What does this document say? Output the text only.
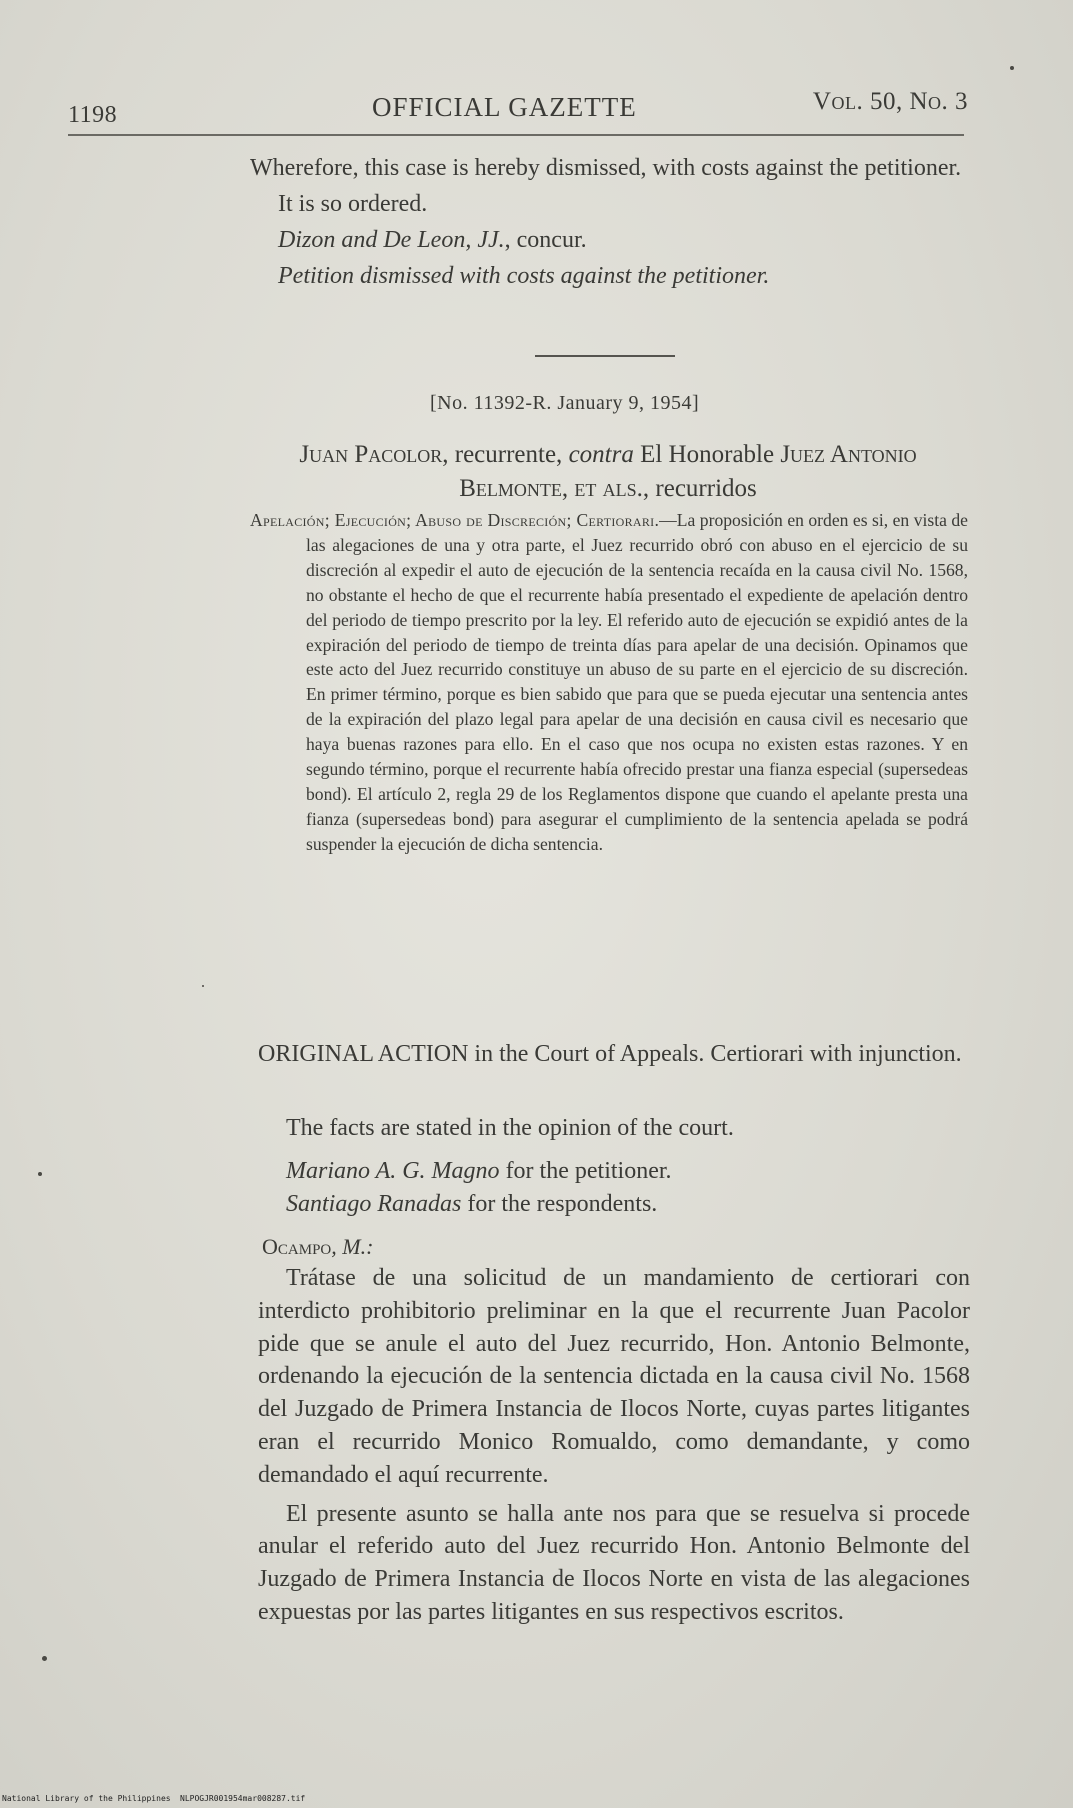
1198	OFFICIAL GAZETTE	Vol. 50, No. 3
Wherefore, this case is hereby dismissed, with costs against the petitioner.
It is so ordered.
Dizon and De Leon, JJ., concur.
Petition dismissed with costs against the petitioner.
[No. 11392-R. January 9, 1954]
Juan Pacolor, recurrente, contra El Honorable Juez Antonio Belmonte, et als., recurridos
Apelación; Ejecución; Abuso de Discreción; Certiorari.—La proposición en orden es si, en vista de las alegaciones de una y otra parte, el Juez recurrido obró con abuso en el ejercicio de su discreción al expedir el auto de ejecución de la sentencia recaída en la causa civil No. 1568, no obstante el hecho de que el recurrente había presentado el expediente de apelación dentro del periodo de tiempo prescrito por la ley. El referido auto de ejecución se expidió antes de la expiración del periodo de tiempo de treinta días para apelar de una decisión. Opinamos que este acto del Juez recurrido constituye un abuso de su parte en el ejercicio de su discreción. En primer término, porque es bien sabido que para que se pueda ejecutar una sentencia antes de la expiración del plazo legal para apelar de una decisión en causa civil es necesario que haya buenas razones para ello. En el caso que nos ocupa no existen estas razones. Y en segundo término, porque el recurrente había ofrecido prestar una fianza especial (supersedeas bond). El artículo 2, regla 29 de los Reglamentos dispone que cuando el apelante presta una fianza (supersedeas bond) para asegurar el cumplimiento de la sentencia apelada se podrá suspender la ejecución de dicha sentencia.
ORIGINAL ACTION in the Court of Appeals. Certiorari with injunction.
The facts are stated in the opinion of the court.
Mariano A. G. Magno for the petitioner.
Santiago Ranadas for the respondents.
Ocampo, M.:

Trátase de una solicitud de un mandamiento de certiorari con interdicto prohibitorio preliminar en la que el recurrente Juan Pacolor pide que se anule el auto del Juez recurrido, Hon. Antonio Belmonte, ordenando la ejecución de la sentencia dictada en la causa civil No. 1568 del Juzgado de Primera Instancia de Ilocos Norte, cuyas partes litigantes eran el recurrido Monico Romualdo, como demandante, y como demandado el aquí recurrente.

El presente asunto se halla ante nos para que se resuelva si procede anular el referido auto del Juez recurrido Hon. Antonio Belmonte del Juzgado de Primera Instancia de Ilocos Norte en vista de las alegaciones expuestas por las partes litigantes en sus respectivos escritos.

National Library of the Philippines NLPOGJR001954mar008287.tif
